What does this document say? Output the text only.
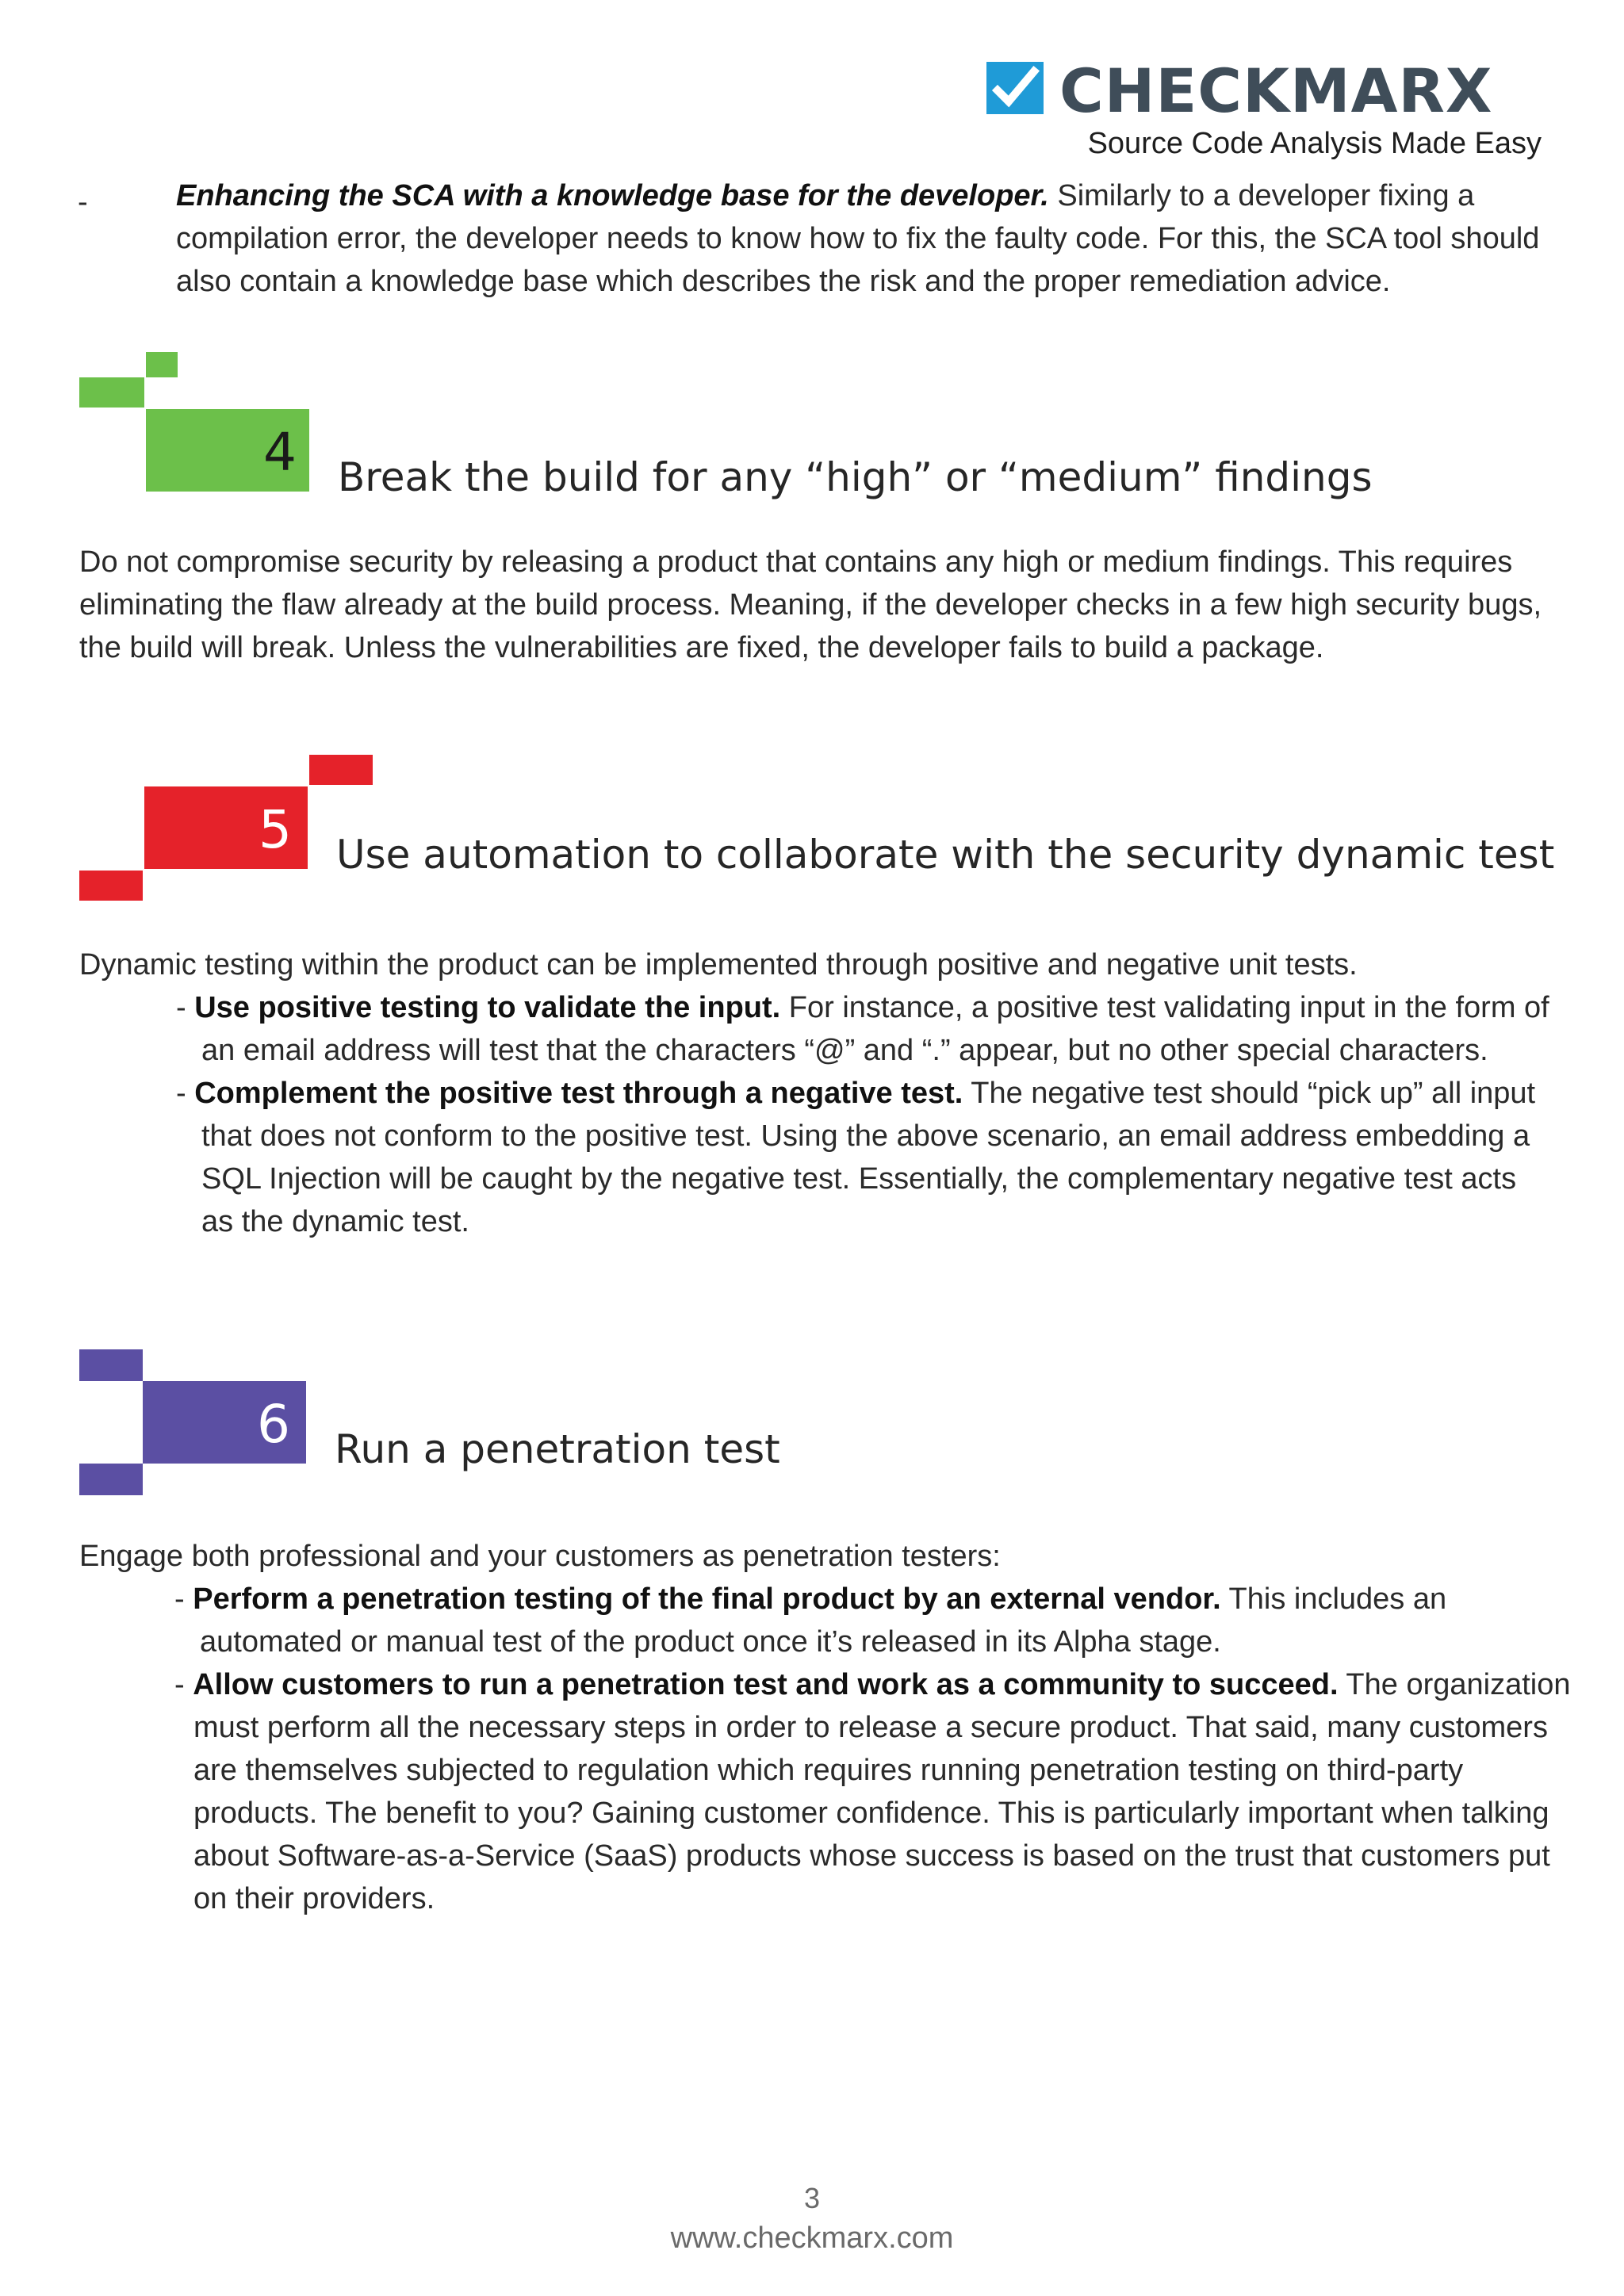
CHECKMARX
Source Code Analysis Made Easy
-	Enhancing the SCA with a knowledge base for the developer. Similarly to a developer fixing a compilation error, the developer needs to know how to fix the faulty code. For this, the SCA tool should also contain a knowledge base which describes the risk and the proper remediation advice.
4 Break the build for any “high” or “medium” findings
Do not compromise security by releasing a product that contains any high or medium findings. This requires eliminating the flaw already at the build process. Meaning, if the developer checks in a few high security bugs, the build will break. Unless the vulnerabilities are fixed, the developer fails to build a package.
5 Use automation to collaborate with the security dynamic test
Dynamic testing within the product can be implemented through positive and negative unit tests.

- Use positive testing to validate the input. For instance, a positive test validating input in the form of an email address will test that the characters “@” and “.” appear, but no other special characters.

- Complement the positive test through a negative test. The negative test should “pick up” all input that does not conform to the positive test. Using the above scenario, an email address embedding a SQL Injection will be caught by the negative test. Essentially, the complementary negative test acts as the dynamic test.

6 Run a penetration test
Engage both professional and your customers as penetration testers:

- Perform a penetration testing of the final product by an external vendor. This includes an automated or manual test of the product once it’s released in its Alpha stage.

- Allow customers to run a penetration test and work as a community to succeed. The organization must perform all the necessary steps in order to release a secure product. That said, many customers are themselves subjected to regulation which requires running penetration testing on third-party products. The benefit to you? Gaining customer confidence. This is particularly important when talking about Software-as-a-Service (SaaS) products whose success is based on the trust that customers put on their providers.

3
www.checkmarx.com
